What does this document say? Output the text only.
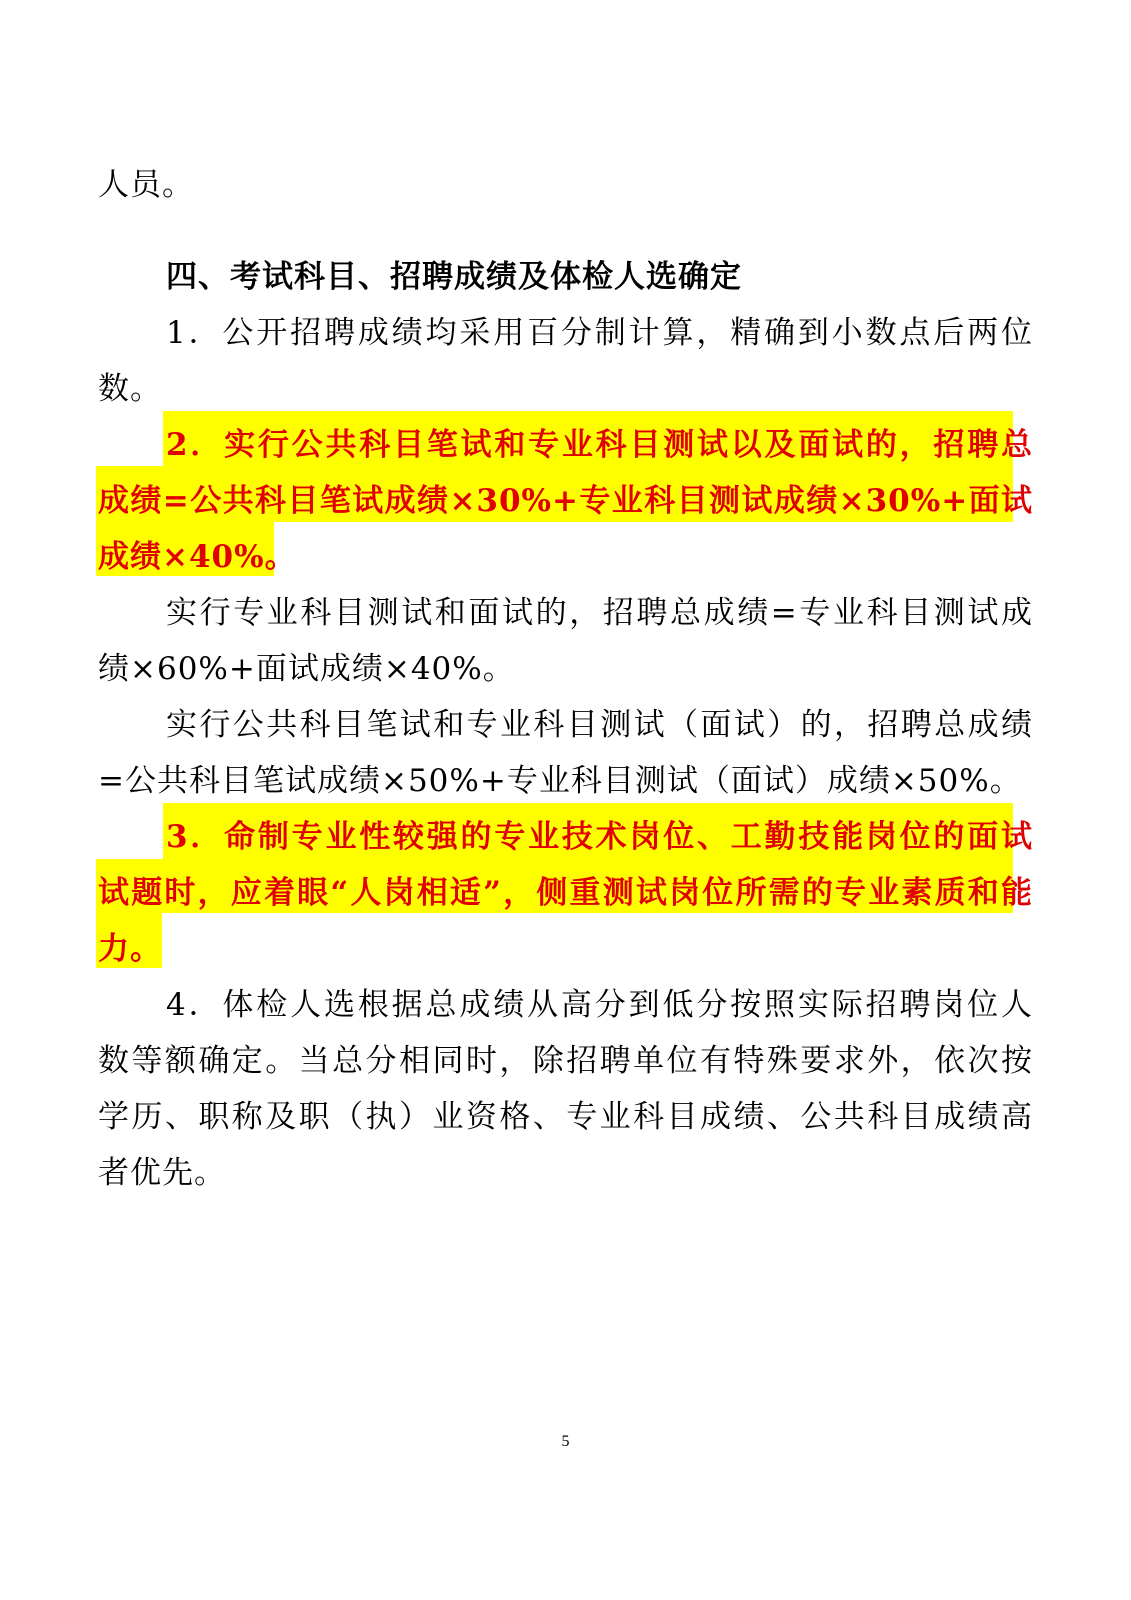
人员。
四、考试科目、招聘成绩及体检人选确定
1．公开招聘成绩均采用百分制计算，精确到小数点后两位
数。
2．实行公共科目笔试和专业科目测试以及面试的，招聘总
成绩=公共科目笔试成绩×30%+专业科目测试成绩×30%+面试
成绩×40%。
实行专业科目测试和面试的，招聘总成绩=专业科目测试成
绩×60%+面试成绩×40%。
实行公共科目笔试和专业科目测试（面试）的，招聘总成绩
=公共科目笔试成绩×50%+专业科目测试（面试）成绩×50%。
3．命制专业性较强的专业技术岗位、工勤技能岗位的面试
试题时，应着眼“人岗相适”，侧重测试岗位所需的专业素质和能
力。
4．体检人选根据总成绩从高分到低分按照实际招聘岗位人
数等额确定。当总分相同时，除招聘单位有特殊要求外，依次按
学历、职称及职（执）业资格、专业科目成绩、公共科目成绩高
者优先。
5
